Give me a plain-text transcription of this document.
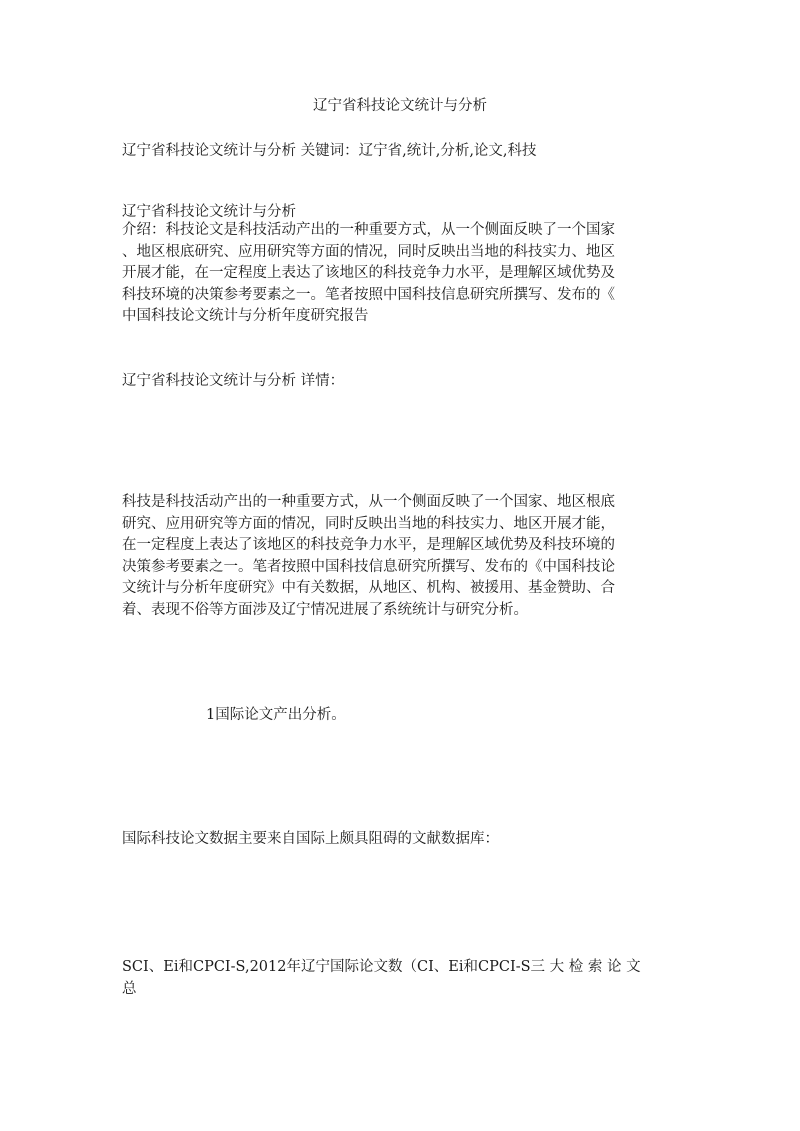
辽宁省科技论文统计与分析
辽宁省科技论文统计与分析 关键词：辽宁省,统计,分析,论文,科技
辽宁省科技论文统计与分析
介绍：科技论文是科技活动产出的一种重要方式，从一个侧面反映了一个国家
、地区根底研究、应用研究等方面的情况，同时反映出当地的科技实力、地区
开展才能，在一定程度上表达了该地区的科技竞争力水平，是理解区域优势及
科技环境的决策参考要素之一。笔者按照中国科技信息研究所撰写、发布的《
中国科技论文统计与分析年度研究报告
辽宁省科技论文统计与分析 详情：
科技是科技活动产出的一种重要方式，从一个侧面反映了一个国家、地区根底
研究、应用研究等方面的情况，同时反映出当地的科技实力、地区开展才能，
在一定程度上表达了该地区的科技竞争力水平，是理解区域优势及科技环境的
决策参考要素之一。笔者按照中国科技信息研究所撰写、发布的《中国科技论
文统计与分析年度研究》中有关数据，从地区、机构、被援用、基金赞助、合
着、表现不俗等方面涉及辽宁情况进展了系统统计与研究分析。
1国际论文产出分析。
国际科技论文数据主要来自国际上颇具阻碍的文献数据库：
SCI、Ei和CPCI-S,2012年辽宁国际论文数（CI、Ei和CPCI-S三 大 检 索 论 文
总
